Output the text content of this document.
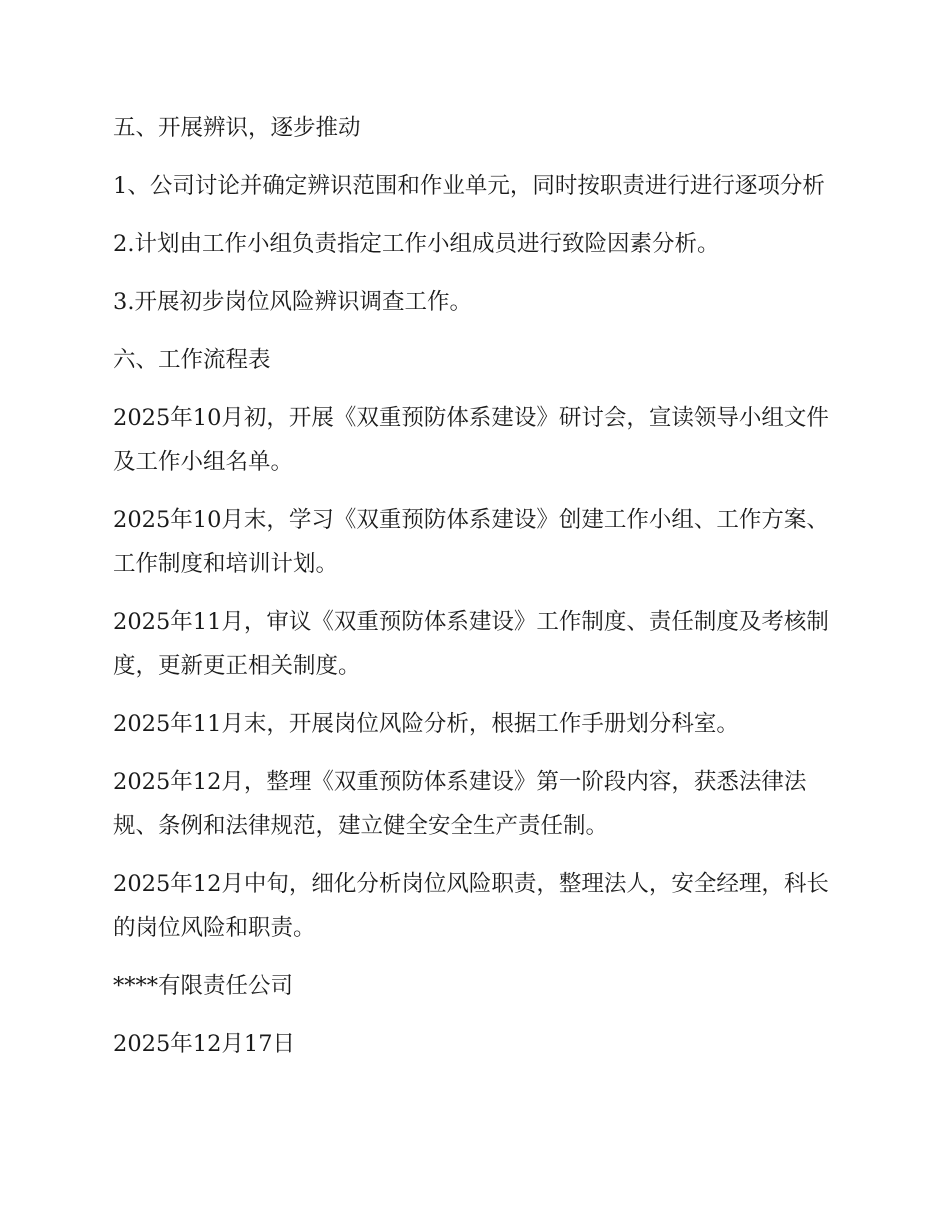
五、开展辨识，逐步推动

1、公司讨论并确定辨识范围和作业单元，同时按职责进行进行逐项分析

2.计划由工作小组负责指定工作小组成员进行致险因素分析。

3.开展初步岗位风险辨识调查工作。

六、工作流程表

2025年10月初，开展《双重预防体系建设》研讨会，宣读领导小组文件及工作小组名单。

2025年10月末，学习《双重预防体系建设》创建工作小组、工作方案、工作制度和培训计划。

2025年11月，审议《双重预防体系建设》工作制度、责任制度及考核制度，更新更正相关制度。

2025年11月末，开展岗位风险分析，根据工作手册划分科室。

2025年12月，整理《双重预防体系建设》第一阶段内容，获悉法律法规、条例和法律规范，建立健全安全生产责任制。

2025年12月中旬，细化分析岗位风险职责，整理法人，安全经理，科长的岗位风险和职责。

****有限责任公司

2025年12月17日
